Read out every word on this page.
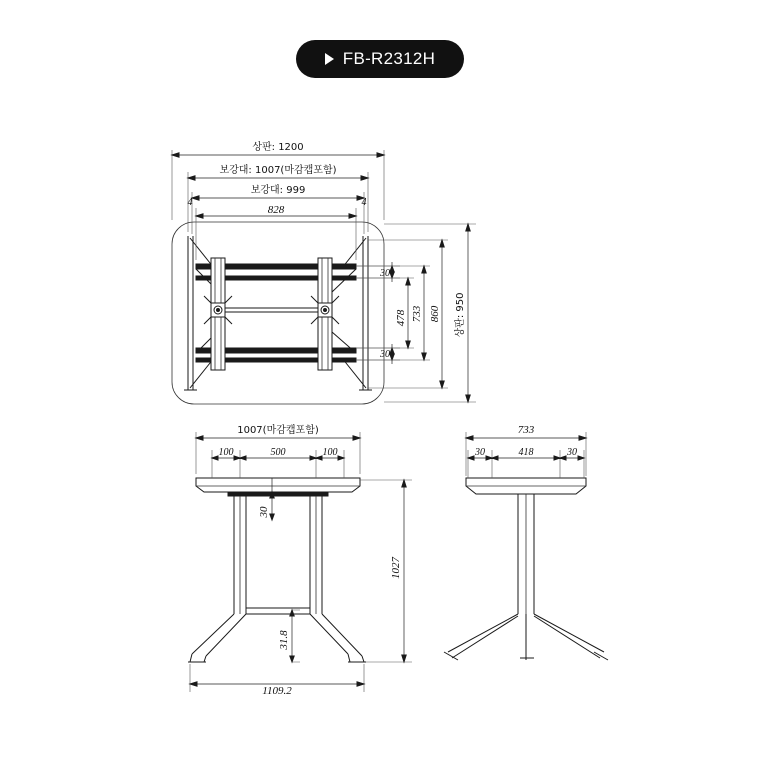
FB-R2312H
상판: 1200
보강대: 1007(마감캡포함)
보강대: 999
828
4	4
30
30
478 733 860 상판: 950
1007(마감캡포함)
100	500	100
30
1027
31.8
1109.2
733
30	418	30
